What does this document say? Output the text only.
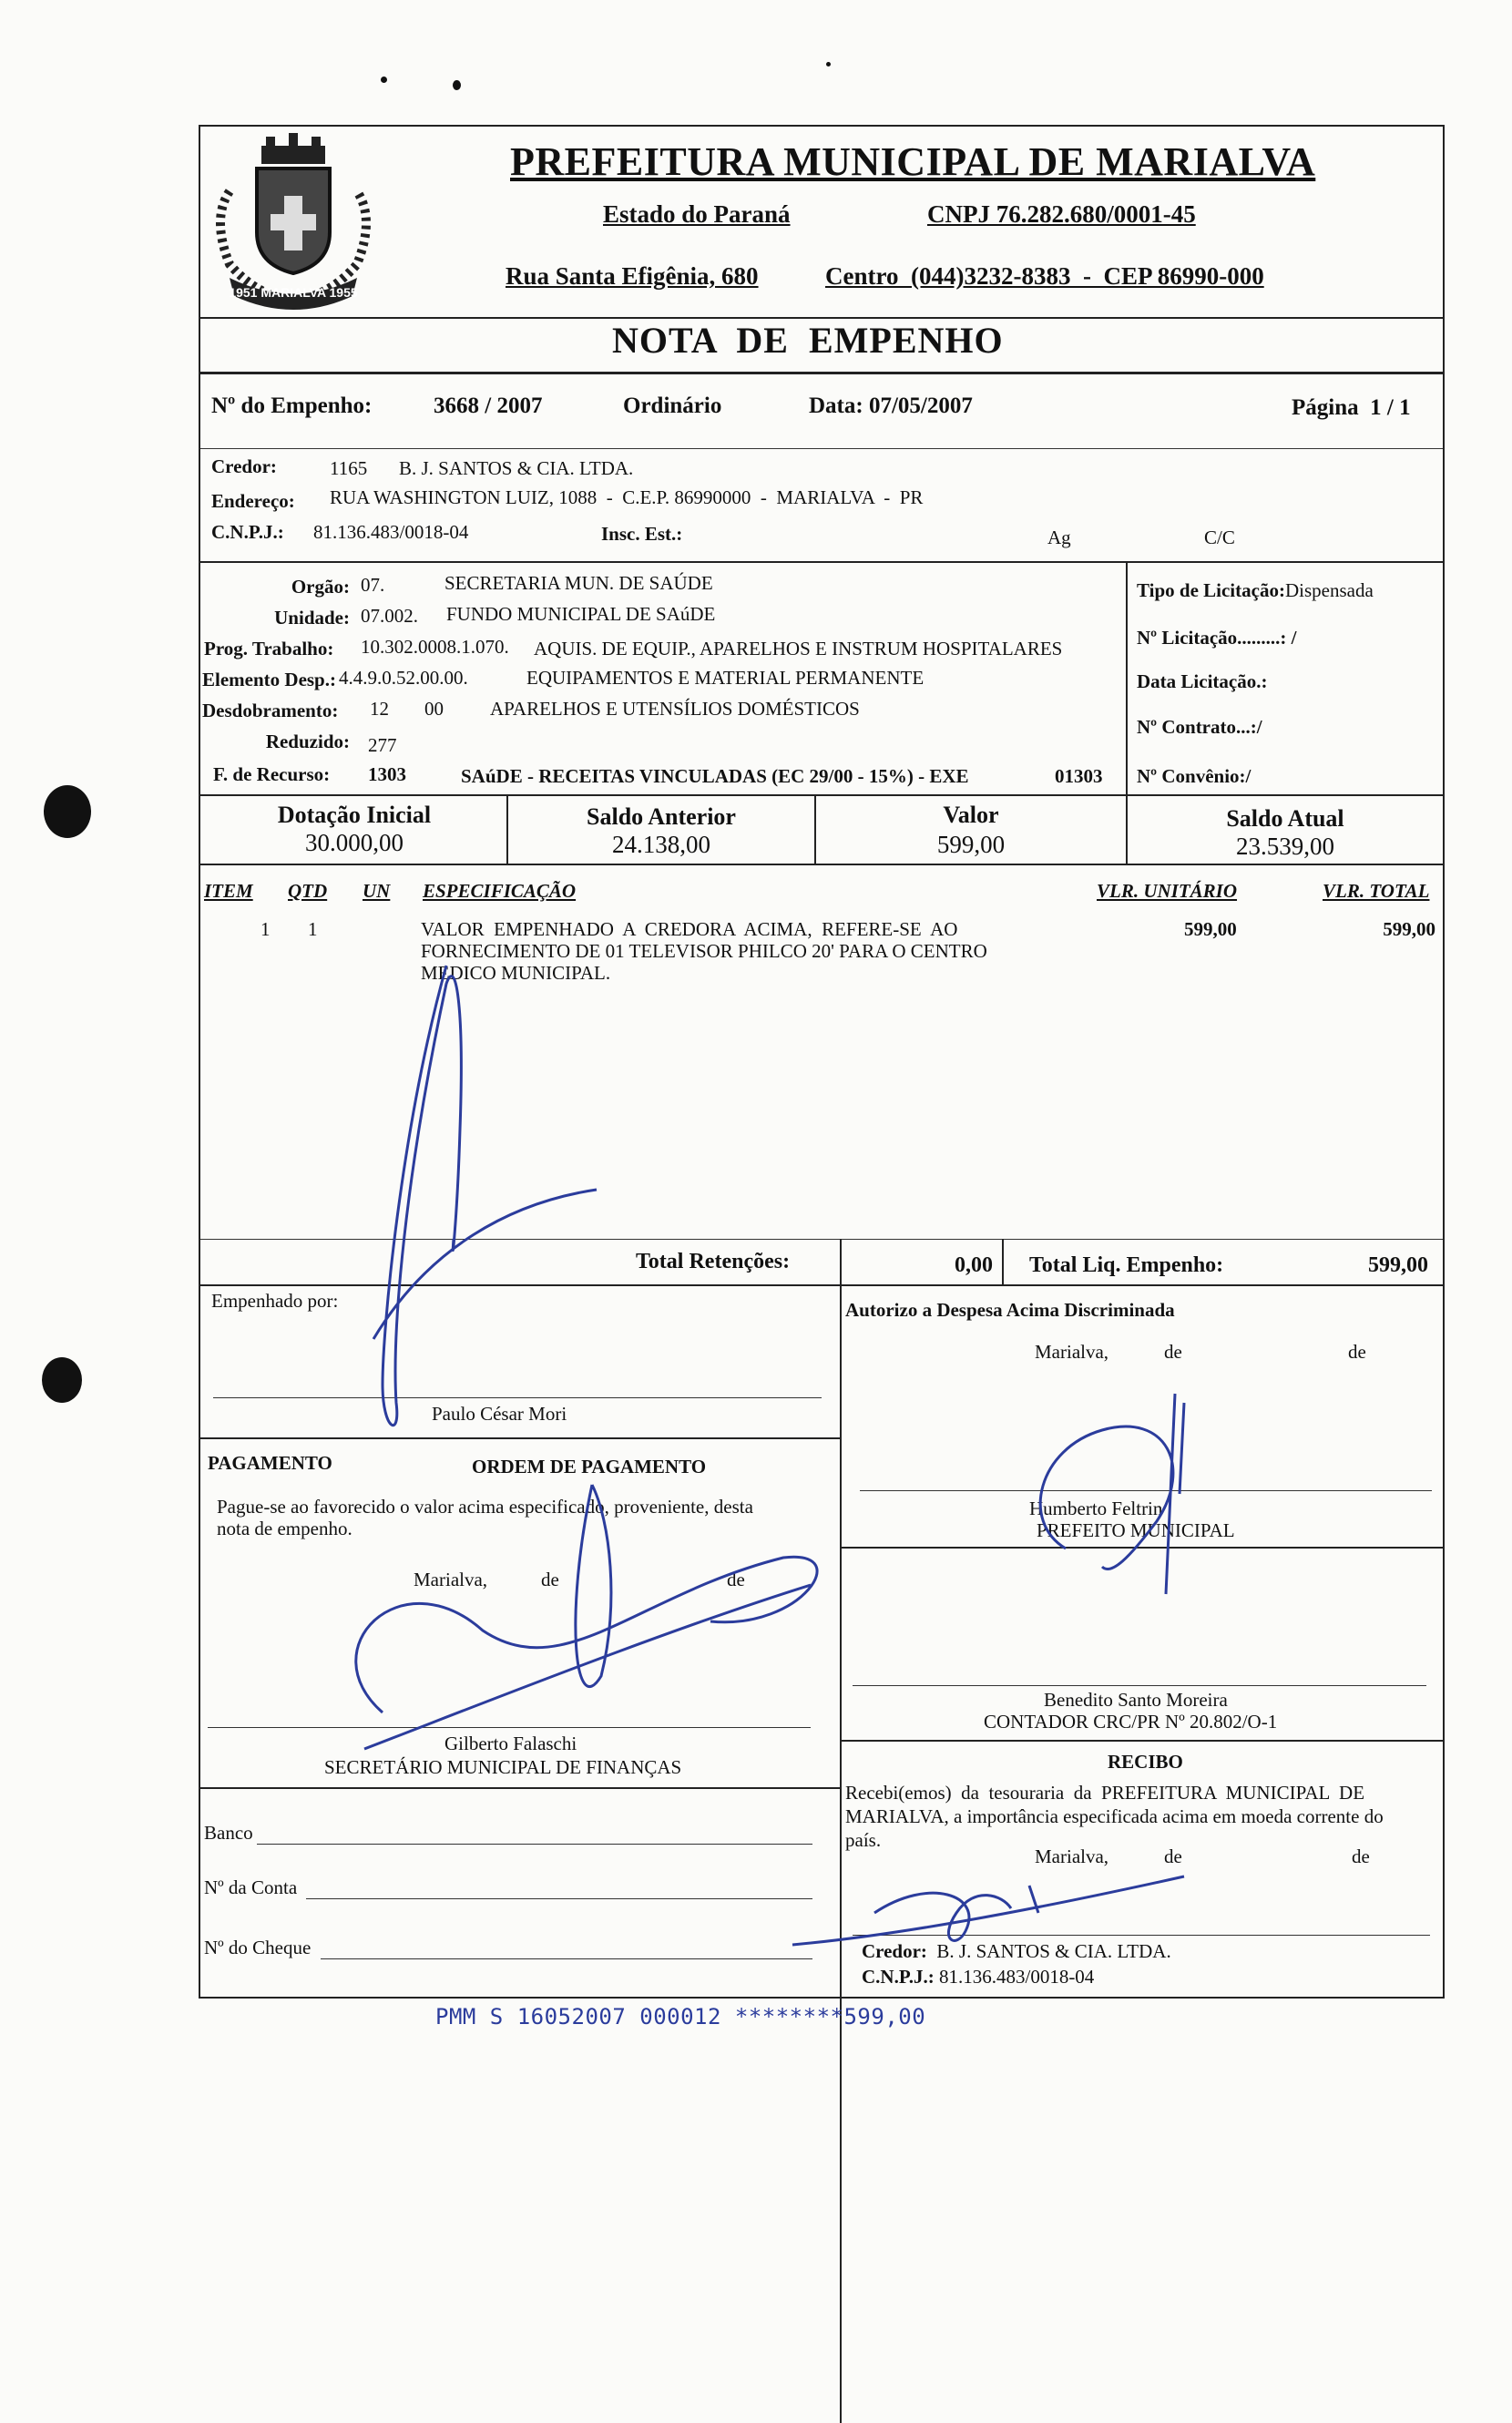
1951 MARIALVA 1955
PREFEITURA MUNICIPAL DE MARIALVA
Estado do Paraná	CNPJ 76.282.680/0001-45
Rua Santa Efigênia, 680	Centro  (044)3232-8383  -  CEP 86990-000
NOTA  DE  EMPENHO
Nº do Empenho:	3668 / 2007	Ordinário	Data: 07/05/2007	Página  1 / 1
Credor:	1165 B. J. SANTOS & CIA. LTDA.
Endereço: RUA WASHINGTON LUIZ, 1088  -  C.E.P. 86990000  -  MARIALVA  -  PR
C.N.P.J.: 81.136.483/0018-04	Insc. Est.:	Ag	C/C
Orgão: 07.	SECRETARIA MUN. DE SAÚDE
Unidade: 07.002. FUNDO MUNICIPAL DE SAúDE
Prog. Trabalho: 10.302.0008.1.070. AQUIS. DE EQUIP., APARELHOS E INSTRUM HOSPITALARES
Elemento Desp.: 4.4.9.0.52.00.00.	EQUIPAMENTOS E MATERIAL PERMANENTE
Desdobramento: 12 00 APARELHOS E UTENSÍLIOS DOMÉSTICOS
Reduzido: 277
F. de Recurso: 1303	SAúDE - RECEITAS VINCULADAS (EC 29/00 - 15%) - EXE	01303
Tipo de Licitação:Dispensada
Nº Licitação.........: /
Data Licitação.:
Nº Contrato...:/
Nº Convênio:/
Dotação Inicial
30.000,00
Saldo Anterior
24.138,00
Valor
599,00
Saldo Atual
23.539,00
ITEM QTD UN ESPECIFICAÇÃO	VLR. UNITÁRIO	VLR. TOTAL
1 1	VALOR  EMPENHADO  A  CREDORA  ACIMA,  REFERE-SE  AO
FORNECIMENTO DE 01 TELEVISOR PHILCO 20' PARA O CENTRO
MEDICO MUNICIPAL.
599,00	599,00
Total Retenções:	0,00 Total Liq. Empenho:	599,00
Empenhado por:
Paulo César Mori
PAGAMENTO	ORDEM DE PAGAMENTO
Pague-se ao favorecido o valor acima especificado, proveniente, desta
nota de empenho.
Marialva,	de	de
Gilberto Falaschi
SECRETÁRIO MUNICIPAL DE FINANÇAS
Banco
Nº da Conta
Nº do Cheque
Autorizo a Despesa Acima Discriminada
Marialva,	de	de
Humberto Feltrin
PREFEITO MUNICIPAL
Benedito Santo Moreira
CONTADOR CRC/PR Nº 20.802/O-1
RECIBO
Recebi(emos)  da  tesouraria  da  PREFEITURA  MUNICIPAL  DE
MARIALVA, a importância especificada acima em moeda corrente do
país.
Marialva,	de	de
Credor: B. J. SANTOS & CIA. LTDA.
C.N.P.J.: 81.136.483/0018-04
PMM S 16052007 000012 ********599,00
